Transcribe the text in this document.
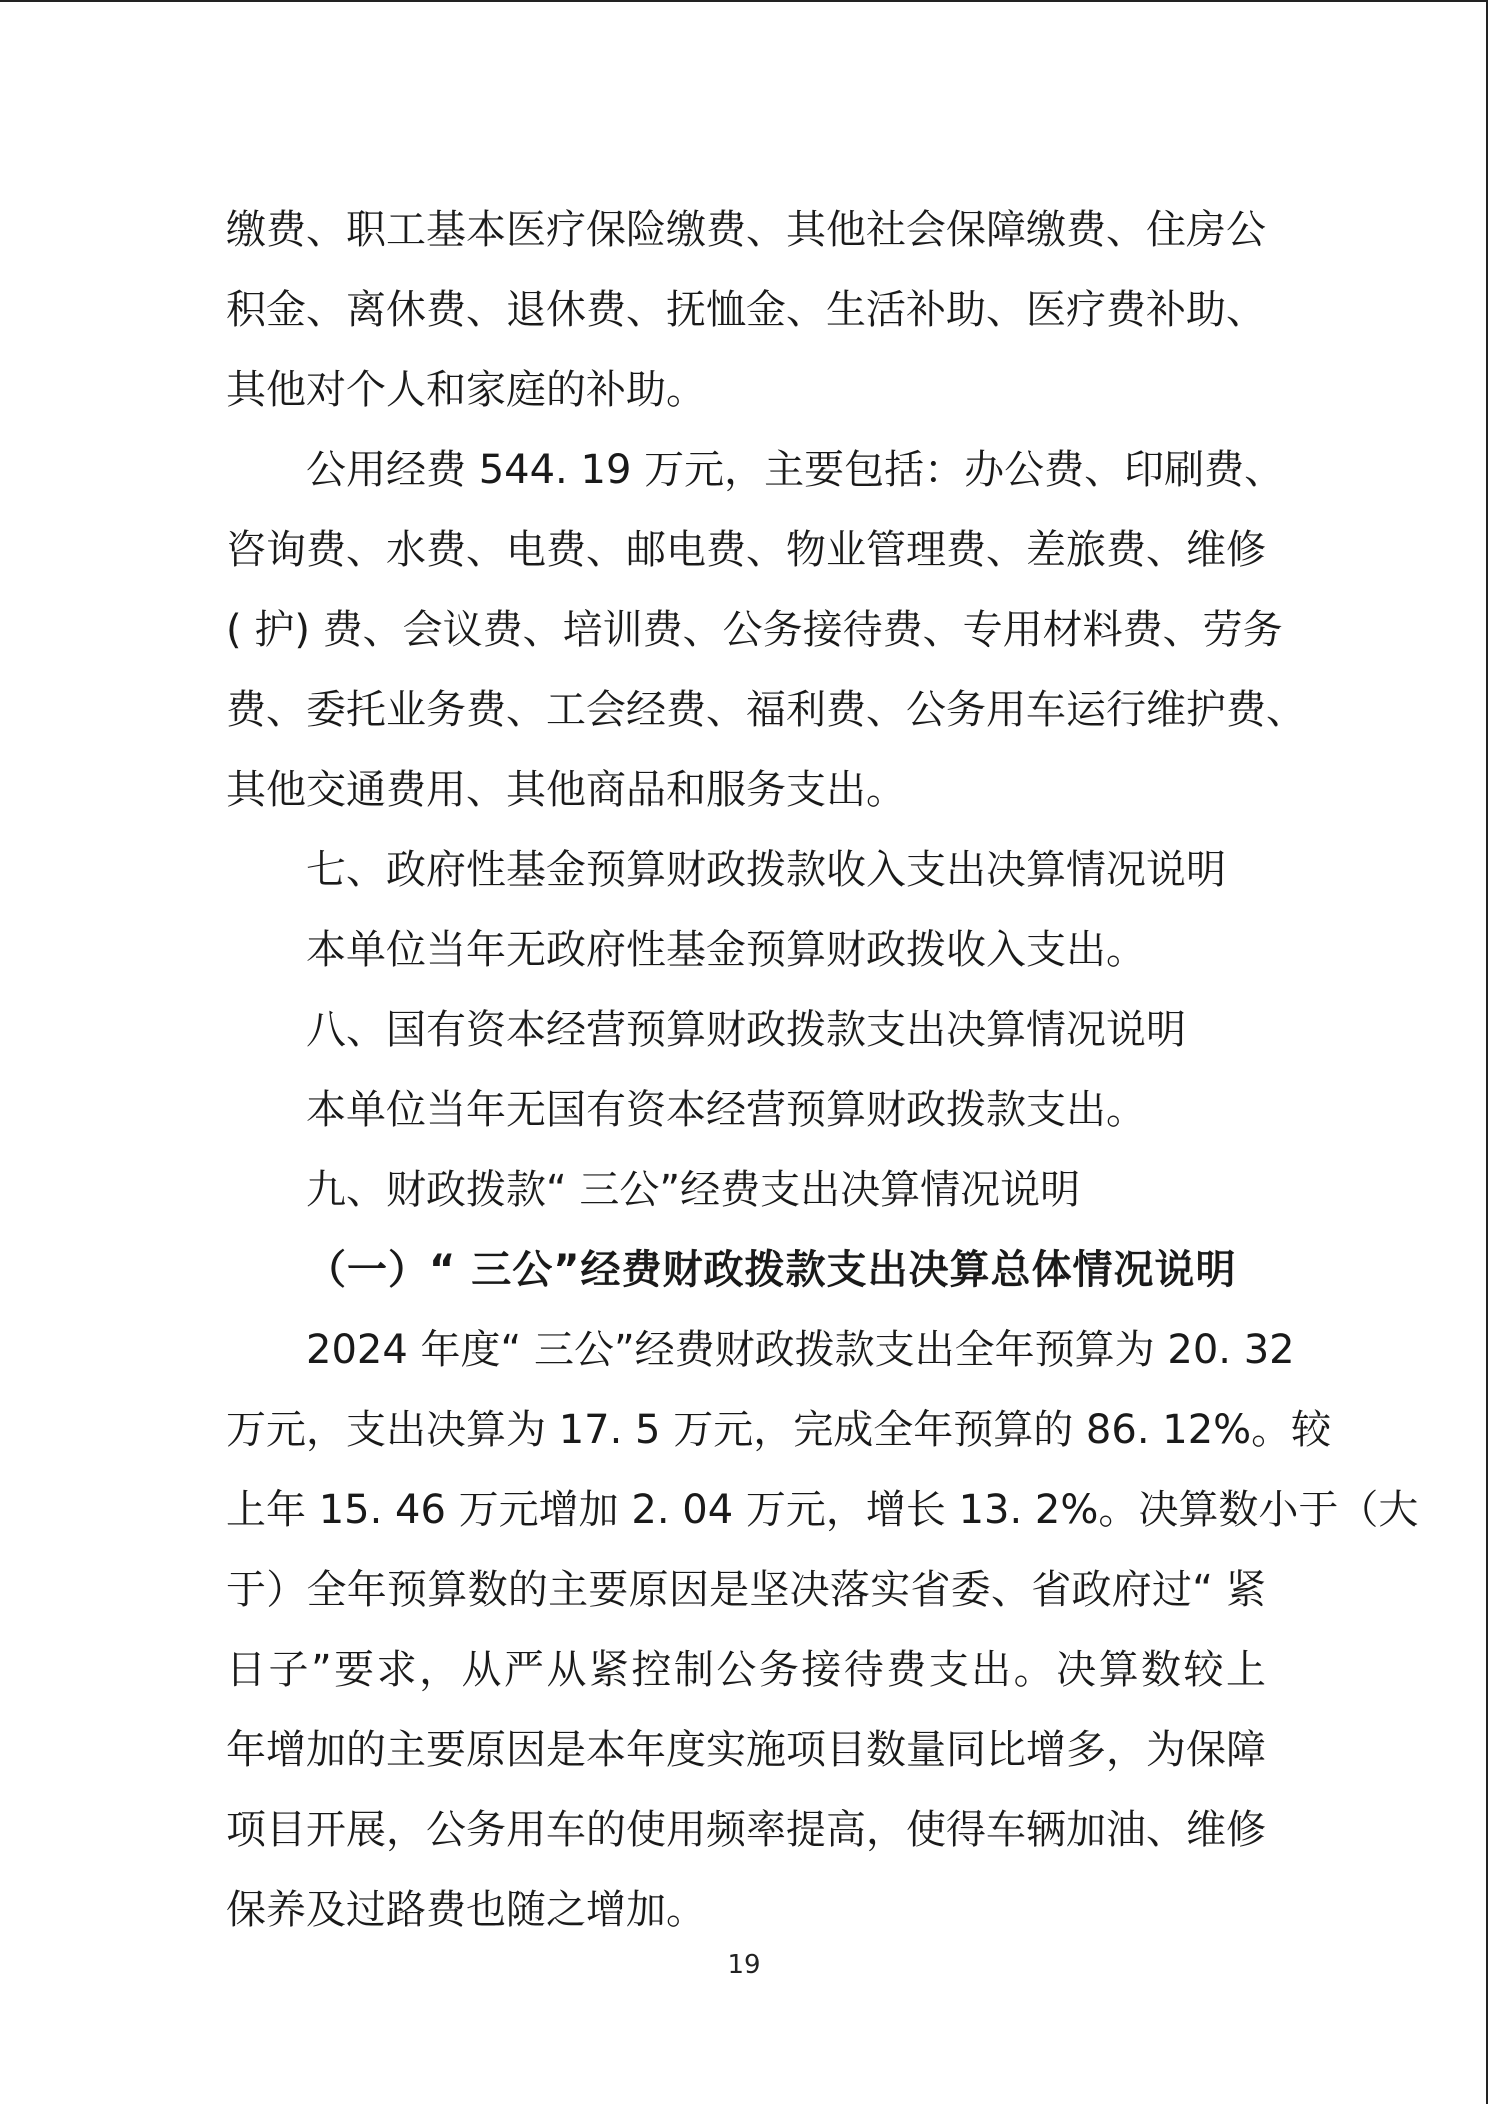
缴费、职工基本医疗保险缴费、其他社会保障缴费、住房公
积金、离休费、退休费、抚恤金、生活补助、医疗费补助、
其他对个人和家庭的补助。
公用经费 544. 19 万元，主要包括：办公费、印刷费、
咨询费、水费、电费、邮电费、物业管理费、差旅费、维修
( 护) 费、会议费、培训费、公务接待费、专用材料费、劳务
费、委托业务费、工会经费、福利费、公务用车运行维护费、
其他交通费用、其他商品和服务支出。
七、政府性基金预算财政拨款收入支出决算情况说明
本单位当年无政府性基金预算财政拨收入支出。
八、国有资本经营预算财政拨款支出决算情况说明
本单位当年无国有资本经营预算财政拨款支出。
九、财政拨款“ 三公”经费支出决算情况说明
（一）“ 三公”经费财政拨款支出决算总体情况说明
2024 年度“ 三公”经费财政拨款支出全年预算为 20. 32
万元，支出决算为 17. 5 万元，完成全年预算的 86. 12%。较
上年 15. 46 万元增加 2. 04 万元，增长 13. 2%。决算数小于（大
于）全年预算数的主要原因是坚决落实省委、省政府过“ 紧
日子”要求，从严从紧控制公务接待费支出。决算数较上
年增加的主要原因是本年度实施项目数量同比增多，为保障
项目开展，公务用车的使用频率提高，使得车辆加油、维修
保养及过路费也随之增加。
19
